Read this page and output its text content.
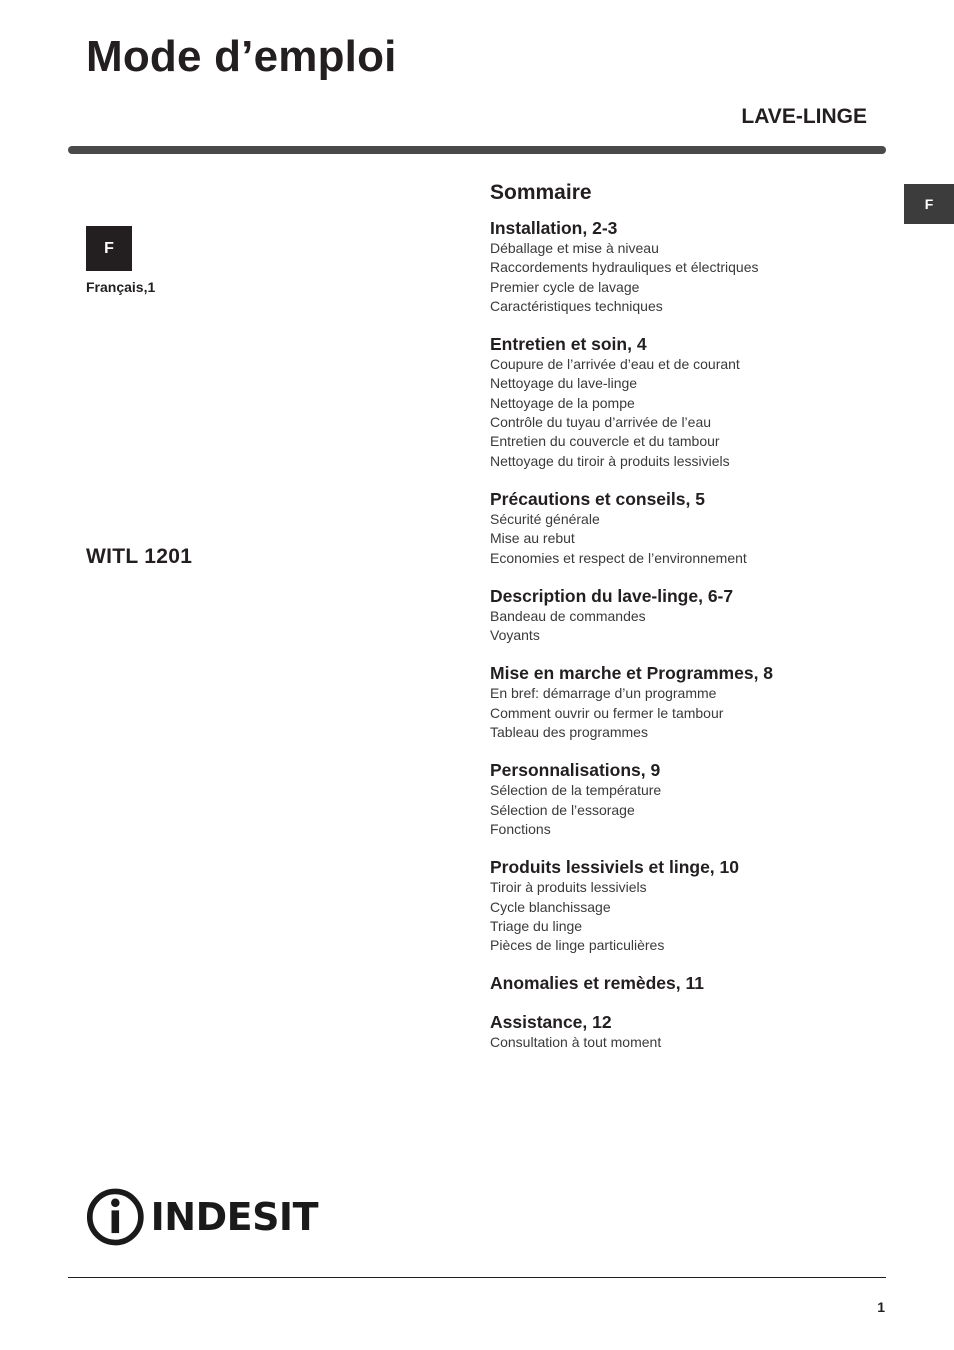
Mode d’emploi
LAVE-LINGE
F
F
Français,1
WITL 1201
Sommaire
Installation, 2-3
Déballage et mise à niveau
Raccordements hydrauliques et électriques
Premier cycle de lavage
Caractéristiques techniques
Entretien et soin, 4
Coupure de l’arrivée d’eau et de courant
Nettoyage du lave-linge
Nettoyage de la pompe
Contrôle du tuyau d’arrivée de l’eau
Entretien du couvercle et du tambour
Nettoyage du tiroir à produits lessiviels
Précautions et conseils, 5
Sécurité générale
Mise au rebut
Economies et respect de l’environnement
Description du lave-linge, 6-7
Bandeau de commandes
Voyants
Mise en marche et Programmes, 8
En bref: démarrage d’un programme
Comment ouvrir ou fermer le tambour
Tableau des programmes
Personnalisations, 9
Sélection de la température
Sélection de l’essorage
Fonctions
Produits lessiviels et linge, 10
Tiroir à produits lessiviels
Cycle blanchissage
Triage du linge
Pièces de linge particulières
Anomalies et remèdes, 11
Assistance, 12
Consultation à tout moment
INDESIT
1
